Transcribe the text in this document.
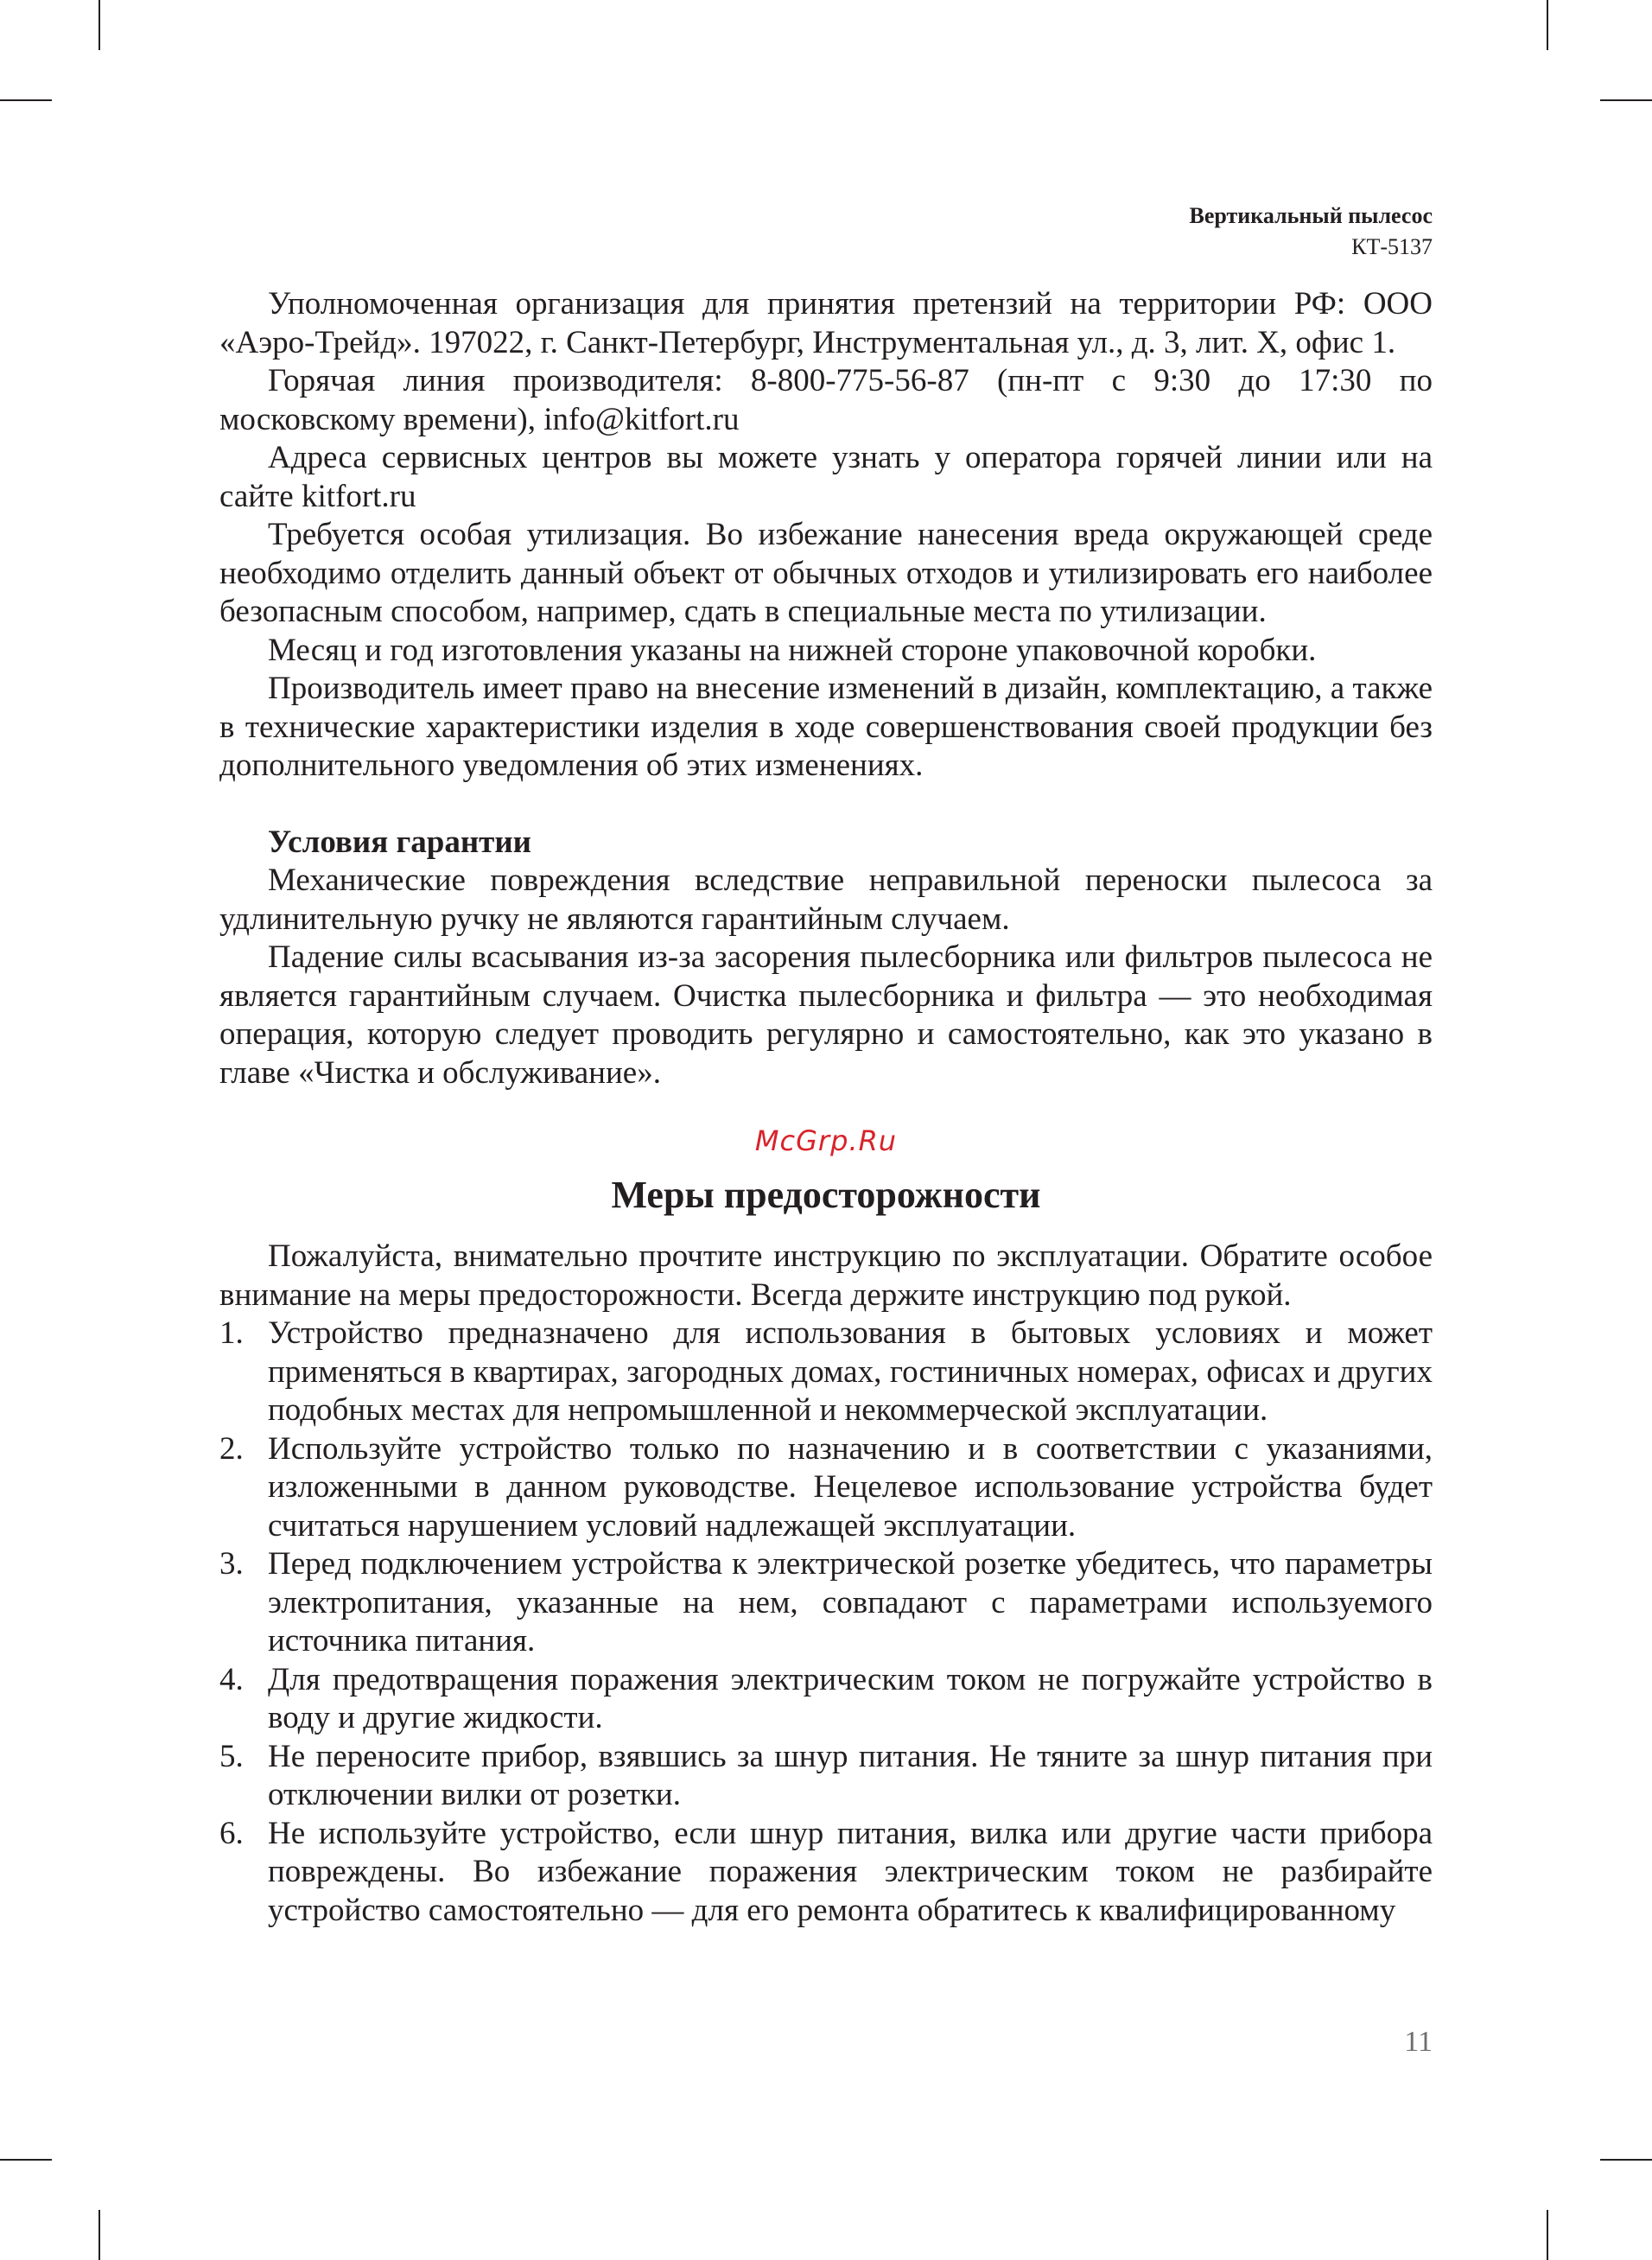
Вертикальный пылесос
КТ-5137

Уполномоченная организация для принятия претензий на территории РФ: ООО «Аэро-Трейд». 197022, г. Санкт-Петербург, Инструментальная ул., д. 3, лит. Х, офис 1.

Горячая линия производителя: 8-800-775-56-87 (пн-пт с 9:30 до 17:30 по московскому времени), info@kitfort.ru

Адреса сервисных центров вы можете узнать у оператора горячей линии или на сайте kitfort.ru

Требуется особая утилизация. Во избежание нанесения вреда окружающей среде необходимо отделить данный объект от обычных отходов и утилизировать его наиболее безопасным способом, например, сдать в специальные места по утилизации.

Месяц и год изготовления указаны на нижней стороне упаковочной коробки.

Производитель имеет право на внесение изменений в дизайн, комплектацию, а также в технические характеристики изделия в ходе совершенствования своей продукции без дополнительного уведомления об этих изменениях.

Условия гарантии

Механические повреждения вследствие неправильной переноски пылесоса за удлинительную ручку не являются гарантийным случаем.

Падение силы всасывания из-за засорения пылесборника или фильтров пылесоса не является гарантийным случаем. Очистка пылесборника и фильтра — это необходимая операция, которую следует проводить регулярно и самостоятельно, как это указано в главе «Чистка и обслуживание».

McGrp.Ru
Меры предосторожности

Пожалуйста, внимательно прочтите инструкцию по эксплуатации. Обратите особое внимание на меры предосторожности. Всегда держите инструкцию под рукой.

1. Устройство предназначено для использования в бытовых условиях и может применяться в квартирах, загородных домах, гостиничных номерах, офисах и других подобных местах для непромышленной и некоммерческой эксплуатации.
2. Используйте устройство только по назначению и в соответствии с указаниями, изложенными в данном руководстве. Нецелевое использование устройства будет считаться нарушением условий надлежащей эксплуатации.
3. Перед подключением устройства к электрической розетке убедитесь, что параметры электропитания, указанные на нем, совпадают с параметрами используемого источника питания.
4. Для предотвращения поражения электрическим током не погружайте устройство в воду и другие жидкости.
5. Не переносите прибор, взявшись за шнур питания. Не тяните за шнур питания при отключении вилки от розетки.
6. Не используйте устройство, если шнур питания, вилка или другие части прибора повреждены. Во избежание поражения электрическим током не разбирайте устройство самостоятельно — для его ремонта обратитесь к квалифицированному
11
